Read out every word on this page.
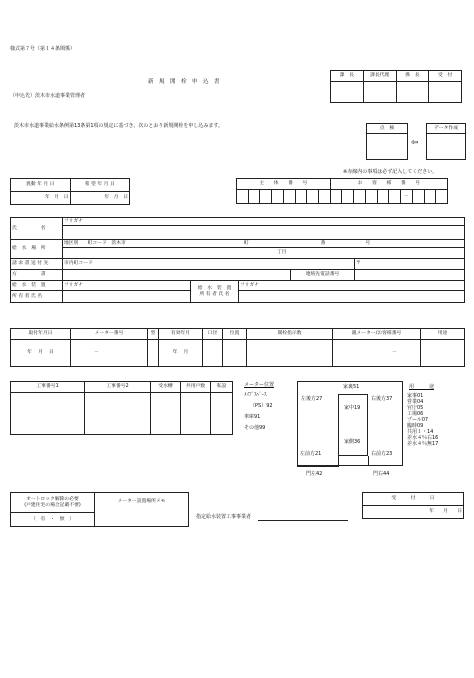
様式第７号（第１４条関係）
新　規　開　栓　申　込　書
（申込先）茨木市水道事業管理者
茨木市水道事業給水条例第13条第1項の規定に基づき、次のとおり新規開栓を申し込みます。
課　長	課長代理	係　長	受　付

点　検

⇦
データ作成

※赤線内の事項は必ず記入してください。
異動 年 月 日	希 望 年 月 日
年 月 日	年 月 日
主　　体　　番　　号								お　　客　　様　　番　　号									
														－			
氏　　　　　名	フリガナ				

給　水　場　所	地区別 町コード 茨木市 町 番 号				
	丁目				
請 求 書 送 付 先	市内町コード				〒
方　　　　　書				連絡先電話番号	
給　水　装　置	フリガナ	給　水　装　置
所 有 者 氏 名	フリガナ		
所 有 者 氏 名					
取付年月日	メーター番号	型	有効年月	口径	位置	開栓指示数	親メーター/お客様番号	用途
年 月 日	－		年 月				－	
工事番号1	工事番号2	受水槽	共用戸数	私設
					メーター位置
ﾒｲﾌﾞｽﾍﾞｰｽ
（PS）92
車庫91
その他99
家裏51
左後方27	右後方37
家中19
家側36
左前方21	右前方23
門左42	門右44
用　　　途
家事01
営業04
官庁05
工場06
プール07
臨時09
共用１・14
差水４％右16
差水４％無17
オートロック解除の必要
(戸建住宅の場合記載不要)	メーター設置場所メモ
（　有　・　無　）	指定給水装置工事事業者
受　　　付　　　日
年 月 日
